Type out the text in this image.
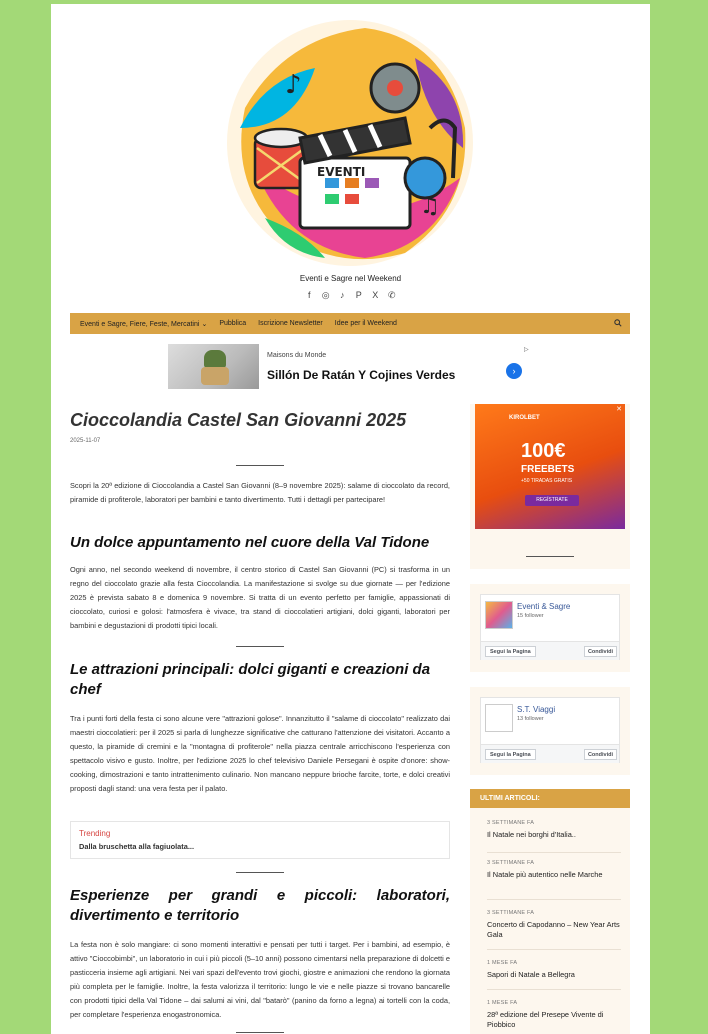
EVENTI
♪
♫
Eventi e Sagre nel Weekend
f ◎ ♪ P X ✆
Eventi e Sagre, Fiere, Feste, Mercatini ⌄ Pubblica Iscrizione Newsletter Idee per il Weekend
Maisons du Monde
Sillón De Ratán Y Cojines Verdes	›
▷
Cioccolandia Castel San Giovanni 2025
2025-11-07

Scopri la 20ª edizione di Cioccolandia a Castel San Giovanni (8–9 novembre 2025): salame di cioccolato da record, piramide di profiterole, laboratori per bambini e tanto divertimento. Tutti i dettagli per partecipare!

Un dolce appuntamento nel cuore della Val Tidone

Ogni anno, nel secondo weekend di novembre, il centro storico di Castel San Giovanni (PC) si trasforma in un regno del cioccolato grazie alla festa Cioccolandia. La manifestazione si svolge su due giornate — per l'edizione 2025 è prevista sabato 8 e domenica 9 novembre. Si tratta di un evento perfetto per famiglie, appassionati di cioccolato, curiosi e golosi: l'atmosfera è vivace, tra stand di cioccolatieri artigiani, dolci giganti, laboratori per bambini e degustazioni di prodotti tipici locali.

Le attrazioni principali: dolci giganti e creazioni da chef

Tra i punti forti della festa ci sono alcune vere "attrazioni golose". Innanzitutto il "salame di cioccolato" realizzato dai maestri cioccolatieri: per il 2025 si parla di lunghezze significative che catturano l'attenzione dei visitatori. Accanto a questo, la piramide di cremini e la "montagna di profiterole" nella piazza centrale arricchiscono l'esperienza con spettacolo visivo e gusto. Inoltre, per l'edizione 2025 lo chef televisivo Daniele Persegani è ospite d'onore: show-cooking, dimostrazioni e tanto intrattenimento culinario. Non mancano neppure brioche farcite, torte, e dolci creativi proposti dagli stand: una vera festa per il palato.

Trending
Dalla bruschetta alla fagiuolata...
Esperienze per grandi e piccoli: laboratori, divertimento e territorio

La festa non è solo mangiare: ci sono momenti interattivi e pensati per tutti i target. Per i bambini, ad esempio, è attivo "Cioccobimbi", un laboratorio in cui i più piccoli (5–10 anni) possono cimentarsi nella preparazione di dolcetti e pasticceria insieme agli artigiani. Nei vari spazi dell'evento trovi giochi, giostre e animazioni che rendono la giornata più completa per le famiglie. Inoltre, la festa valorizza il territorio: lungo le vie e nelle piazze si trovano bancarelle con prodotti tipici della Val Tidone – dai salumi ai vini, dal "batarò" (panino da forno a legna) ai tortelli con la coda, per completare l'esperienza enogastronomica.

✕
KIROLBET
100€
FREEBETS
+50 TIRADAS GRATIS
REGÍSTRATE
Eventi & Sagre
15 follower
Segui la Pagina	Condividi
S.T. Viaggi
13 follower
Segui la Pagina	Condividi
ULTIMI ARTICOLI:
3 SETTIMANE FA
Il Natale nei borghi d'Italia..
3 SETTIMANE FA
Il Natale più autentico nelle Marche
3 SETTIMANE FA
Concerto di Capodanno – New Year Arts Gala
1 MESE FA
Sapori di Natale a Bellegra
1 MESE FA
28ª edizione del Presepe Vivente di Piobbico
